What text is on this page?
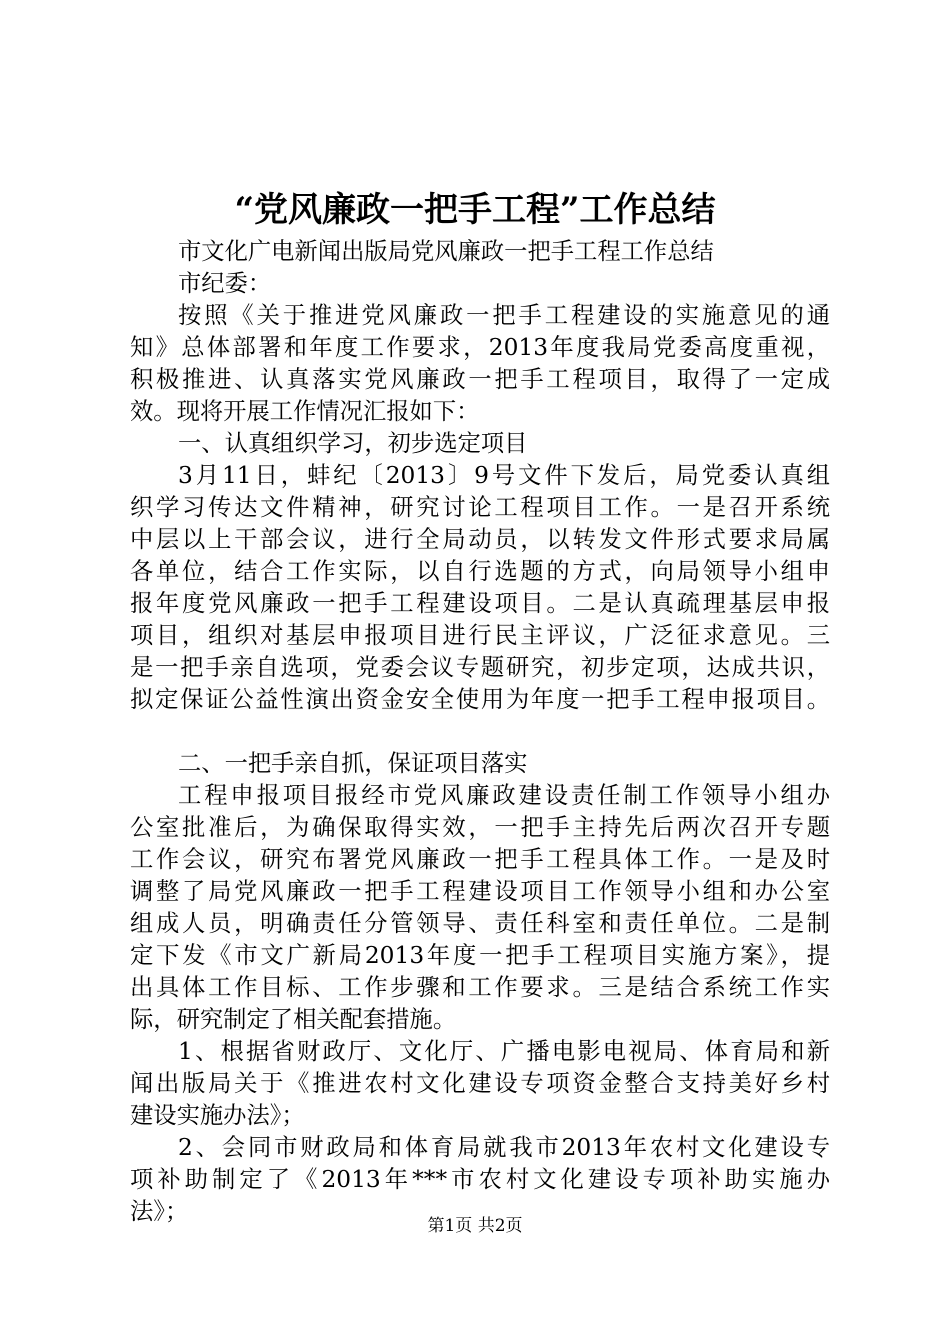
“党风廉政一把手工程”工作总结
市文化广电新闻出版局党风廉政一把手工程工作总结
市纪委：
按照《关于推进党风廉政一把手工程建设的实施意见的通
知》总体部署和年度工作要求，2013年度我局党委高度重视，
积极推进、认真落实党风廉政一把手工程项目，取得了一定成
效。现将开展工作情况汇报如下：
一、认真组织学习，初步选定项目
3月11日，蚌纪〔2013〕9号文件下发后，局党委认真组
织学习传达文件精神，研究讨论工程项目工作。一是召开系统
中层以上干部会议，进行全局动员，以转发文件形式要求局属
各单位，结合工作实际，以自行选题的方式，向局领导小组申
报年度党风廉政一把手工程建设项目。二是认真疏理基层申报
项目，组织对基层申报项目进行民主评议，广泛征求意见。三
是一把手亲自选项，党委会议专题研究，初步定项，达成共识，
拟定保证公益性演出资金安全使用为年度一把手工程申报项目。
二、一把手亲自抓，保证项目落实
工程申报项目报经市党风廉政建设责任制工作领导小组办
公室批准后，为确保取得实效，一把手主持先后两次召开专题
工作会议，研究布署党风廉政一把手工程具体工作。一是及时
调整了局党风廉政一把手工程建设项目工作领导小组和办公室
组成人员，明确责任分管领导、责任科室和责任单位。二是制
定下发《市文广新局2013年度一把手工程项目实施方案》，提
出具体工作目标、工作步骤和工作要求。三是结合系统工作实
际，研究制定了相关配套措施。
1、根据省财政厅、文化厅、广播电影电视局、体育局和新
闻出版局关于《推进农村文化建设专项资金整合支持美好乡村
建设实施办法》；
2、会同市财政局和体育局就我市2013年农村文化建设专
项补助制定了《2013年***市农村文化建设专项补助实施办
法》；
第1页 共2页
